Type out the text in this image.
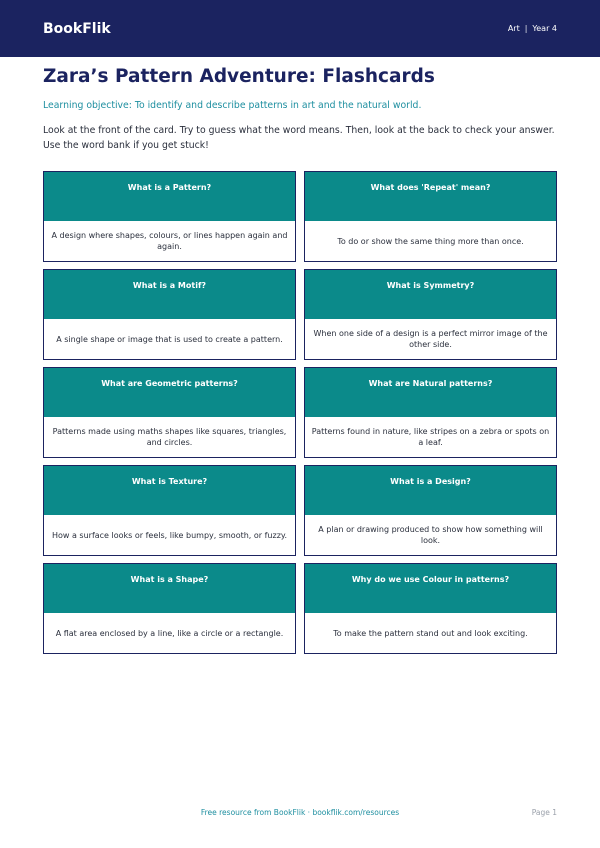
BookFlik	Art | Year 4
Zara’s Pattern Adventure: Flashcards

Learning objective: To identify and describe patterns in art and the natural world.

Look at the front of the card. Try to guess what the word means. Then, look at the back to check your answer. Use the word bank if you get stuck!

What is a Pattern?
A design where shapes, colours, or lines happen again and again.
What does 'Repeat' mean?
To do or show the same thing more than once.
What is a Motif?
A single shape or image that is used to create a pattern.
What is Symmetry?
When one side of a design is a perfect mirror image of the other side.
What are Geometric patterns?
Patterns made using maths shapes like squares, triangles, and circles.
What are Natural patterns?
Patterns found in nature, like stripes on a zebra or spots on a leaf.
What is Texture?
How a surface looks or feels, like bumpy, smooth, or fuzzy.
What is a Design?
A plan or drawing produced to show how something will look.
What is a Shape?
A flat area enclosed by a line, like a circle or a rectangle.
Why do we use Colour in patterns?
To make the pattern stand out and look exciting.
Free resource from BookFlik · bookflik.com/resources	Page 1
